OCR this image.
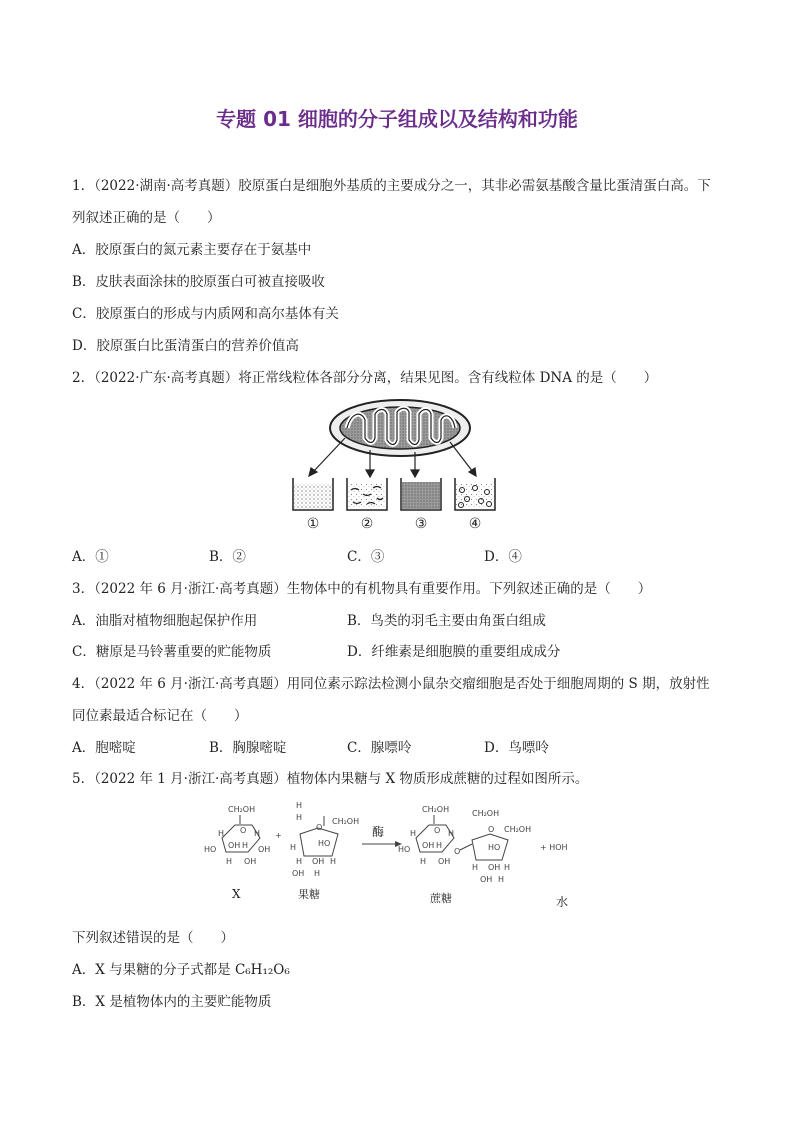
专题 01 细胞的分子组成以及结构和功能
1．（2022·湖南·高考真题）胶原蛋白是细胞外基质的主要成分之一，其非必需氨基酸含量比蛋清蛋白高。下
列叙述正确的是（　　）
A．胶原蛋白的氮元素主要存在于氨基中
B．皮肤表面涂抹的胶原蛋白可被直接吸收
C．胶原蛋白的形成与内质网和高尔基体有关
D．胶原蛋白比蛋清蛋白的营养价值高
2．（2022·广东·高考真题）将正常线粒体各部分分离，结果见图。含有线粒体 DNA 的是（　　）
①	②	③	④
A．①	B．②	C．③	D．④
3．（2022 年 6 月·浙江·高考真题）生物体中的有机物具有重要作用。下列叙述正确的是（　　）
A．油脂对植物细胞起保护作用	B．鸟类的羽毛主要由角蛋白组成
C．糖原是马铃薯重要的贮能物质	D．纤维素是细胞膜的重要组成成分
4．（2022 年 6 月·浙江·高考真题）用同位素示踪法检测小鼠杂交瘤细胞是否处于细胞周期的 S 期，放射性
同位素最适合标记在（　　）
A．胞嘧啶	B．胸腺嘧啶	C．腺嘌呤	D．鸟嘌呤
5．（2022 年 1 月·浙江·高考真题）植物体内果糖与 X 物质形成蔗糖的过程如图所示。
CH₂OH
O
H	H
HO OH H OH
H OH
+
H
H	CH₂OH
O
HO
H
H OH H
OH H
果糖
X
酶
CH₂OH
O
H	H
HO OH H
H OH
O
CH₂OH
O
HO
CH₂OH
H OH H
OH H
蔗糖
+ HOH
水
下列叙述错误的是（　　）
A．X 与果糖的分子式都是 C₆H₁₂O₆
B．X 是植物体内的主要贮能物质
